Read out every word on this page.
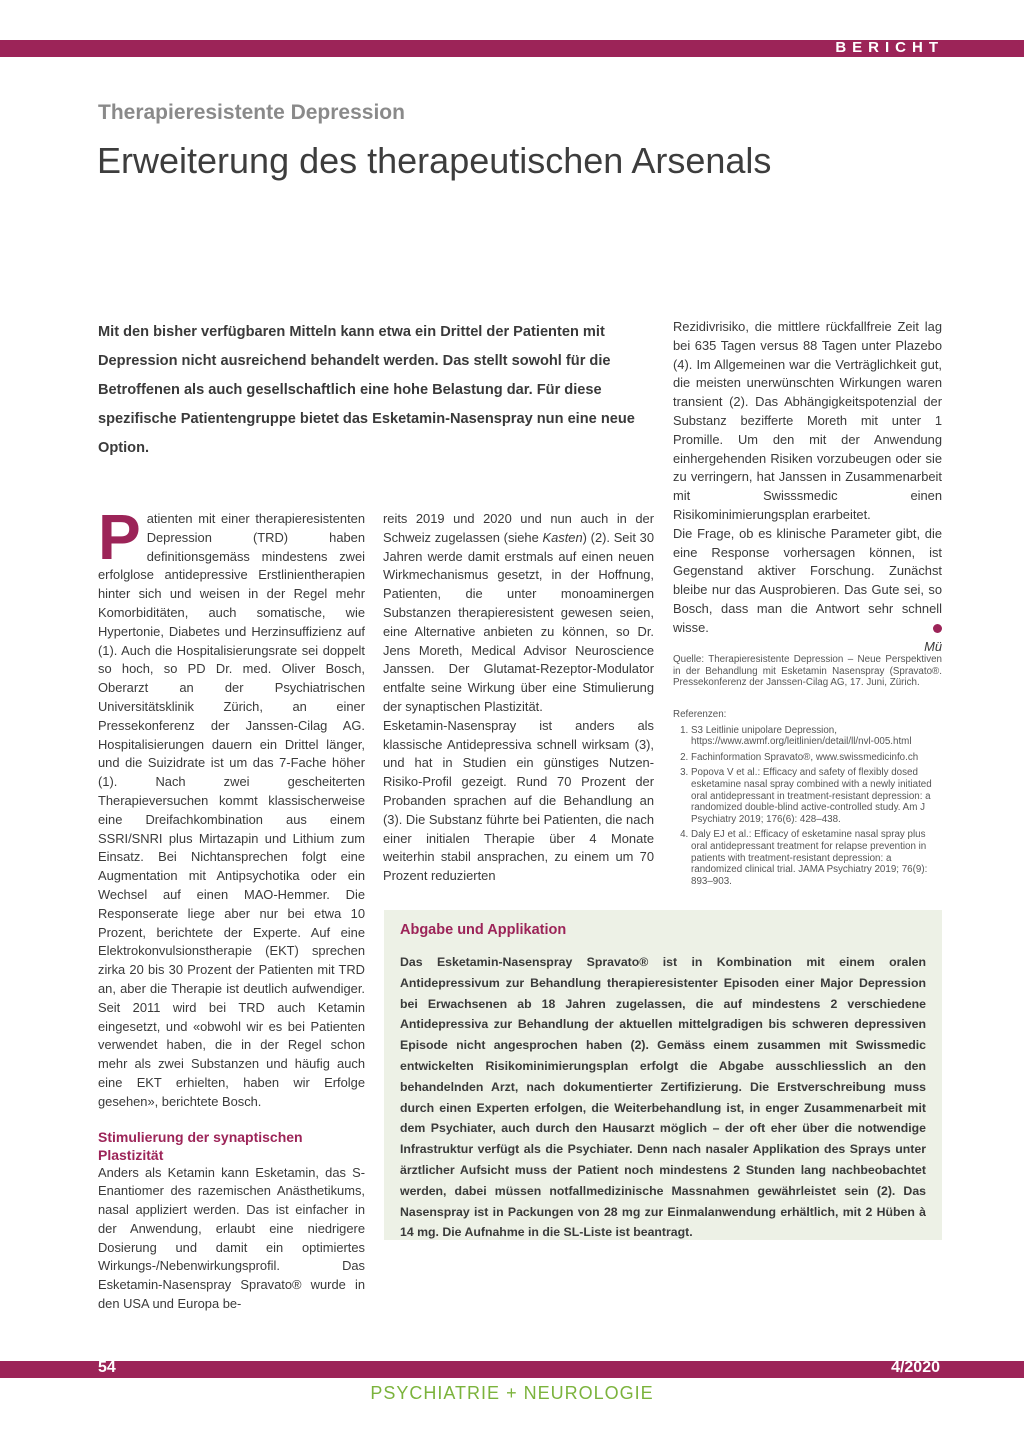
BERICHT
Therapieresistente Depression
Erweiterung des therapeutischen Arsenals

Mit den bisher verfügbaren Mitteln kann etwa ein Drittel der Patienten mit Depression nicht ausreichend behandelt werden. Das stellt sowohl für die Betroffenen als auch gesellschaftlich eine hohe Belastung dar. Für diese spezifische Patientengruppe bietet das Esketamin-Nasenspray nun eine neue Option.

Patienten mit einer therapieresistenten Depression (TRD) haben definitionsgemäss mindestens zwei erfolglose antidepressive Erstlinientherapien hinter sich und weisen in der Regel mehr Komorbiditäten, auch somatische, wie Hypertonie, Diabetes und Herzinsuffizienz auf (1). Auch die Hospitalisierungsrate sei doppelt so hoch, so PD Dr. med. Oliver Bosch, Oberarzt an der Psychiatrischen Universitätsklinik Zürich, an einer Pressekonferenz der Janssen-Cilag AG. Hospitalisierungen dauern ein Drittel länger, und die Suizidrate ist um das 7-Fache höher (1). Nach zwei gescheiterten Therapieversuchen kommt klassischerweise eine Dreifachkombination aus einem SSRI/SNRI plus Mirtazapin und Lithium zum Einsatz. Bei Nichtansprechen folgt eine Augmentation mit Antipsychotika oder ein Wechsel auf einen MAO-Hemmer. Die Responserate liege aber nur bei etwa 10 Prozent, berichtete der Experte. Auf eine Elektrokonvulsionstherapie (EKT) sprechen zirka 20 bis 30 Prozent der Patienten mit TRD an, aber die Therapie ist deutlich aufwendiger. Seit 2011 wird bei TRD auch Ketamin eingesetzt, und «obwohl wir es bei Patienten verwendet haben, die in der Regel schon mehr als zwei Substanzen und häufig auch eine EKT erhielten, haben wir Erfolge gesehen», berichtete Bosch.

Stimulierung der synaptischen Plastizität

Anders als Ketamin kann Esketamin, das S-Enantiomer des razemischen Anästhetikums, nasal appliziert werden. Das ist einfacher in der Anwendung, erlaubt eine niedrigere Dosierung und damit ein optimiertes Wirkungs-/Nebenwirkungsprofil. Das Esketamin-Nasenspray Spravato® wurde in den USA und Europa be-

reits 2019 und 2020 und nun auch in der Schweiz zugelassen (siehe Kasten) (2). Seit 30 Jahren werde damit erstmals auf einen neuen Wirkmechanismus gesetzt, in der Hoffnung, Patienten, die unter monoaminergen Substanzen therapieresistent gewesen seien, eine Alternative anbieten zu können, so Dr. Jens Moreth, Medical Advisor Neuroscience Janssen. Der Glutamat-Rezeptor-Modulator entfalte seine Wirkung über eine Stimulierung der synaptischen Plastizität.

Esketamin-Nasenspray ist anders als klassische Antidepressiva schnell wirksam (3), und hat in Studien ein günstiges Nutzen-Risiko-Profil gezeigt. Rund 70 Prozent der Probanden sprachen auf die Behandlung an (3). Die Substanz führte bei Patienten, die nach einer initialen Therapie über 4 Monate weiterhin stabil ansprachen, zu einem um 70 Prozent reduzierten

Rezidivrisiko, die mittlere rückfallfreie Zeit lag bei 635 Tagen versus 88 Tagen unter Plazebo (4). Im Allgemeinen war die Verträglichkeit gut, die meisten unerwünschten Wirkungen waren transient (2). Das Abhängigkeitspotenzial der Substanz bezifferte Moreth mit unter 1 Promille. Um den mit der Anwendung einhergehenden Risiken vorzubeugen oder sie zu verringern, hat Janssen in Zusammenarbeit mit Swisssmedic einen Risikominimierungsplan erarbeitet.

Die Frage, ob es klinische Parameter gibt, die eine Response vorhersagen können, ist Gegenstand aktiver Forschung. Zunächst bleibe nur das Ausprobieren. Das Gute sei, so Bosch, dass man die Antwort sehr schnell wisse.

Mü

Quelle: Therapieresistente Depression – Neue Perspektiven in der Behandlung mit Esketamin Nasenspray (Spravato®. Pressekonferenz der Janssen-Cilag AG, 17. Juni, Zürich.

Referenzen:

1. S3 Leitlinie unipolare Depression, https://www.awmf.org/leitlinien/detail/ll/nvl-005.html
2. Fachinformation Spravato®, www.swissmedicinfo.ch
3. Popova V et al.: Efficacy and safety of flexibly dosed esketamine nasal spray combined with a newly initiated oral antidepressant in treatment-resistant depression: a randomized double-blind active-controlled study. Am J Psychiatry 2019; 176(6): 428–438.
4. Daly EJ et al.: Efficacy of esketamine nasal spray plus oral antidepressant treatment for relapse prevention in patients with treatment-resistant depression: a randomized clinical trial. JAMA Psychiatry 2019; 76(9): 893–903.

Abgabe und Applikation

Das Esketamin-Nasenspray Spravato® ist in Kombination mit einem oralen Antidepressivum zur Behandlung therapieresistenter Episoden einer Major Depression bei Erwachsenen ab 18 Jahren zugelassen, die auf mindestens 2 verschiedene Antidepressiva zur Behandlung der aktuellen mittelgradigen bis schweren depressiven Episode nicht angesprochen haben (2). Gemäss einem zusammen mit Swissmedic entwickelten Risikominimierungsplan erfolgt die Abgabe ausschliesslich an den behandelnden Arzt, nach dokumentierter Zertifizierung. Die Erstverschreibung muss durch einen Experten erfolgen, die Weiterbehandlung ist, in enger Zusammenarbeit mit dem Psychiater, auch durch den Hausarzt möglich – der oft eher über die notwendige Infrastruktur verfügt als die Psychiater. Denn nach nasaler Applikation des Sprays unter ärztlicher Aufsicht muss der Patient noch mindestens 2 Stunden lang nachbeobachtet werden, dabei müssen notfallmedizinische Massnahmen gewährleistet sein (2). Das Nasenspray ist in Packungen von 28 mg zur Einmalanwendung erhältlich, mit 2 Hüben à 14 mg. Die Aufnahme in die SL-Liste ist beantragt.

54	4/2020
PSYCHIATRIE + NEUROLOGIE
